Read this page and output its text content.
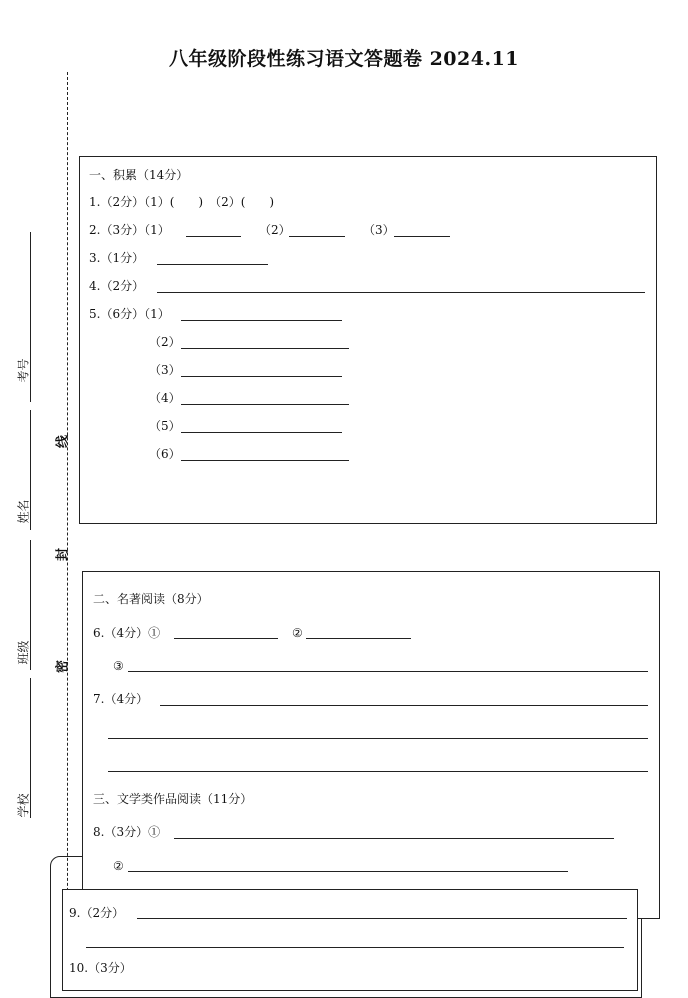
八年级阶段性练习语文答题卷 2024.11
考号
姓名
班级
学校
线
封
密
一、积累（14分）
1.（2分）（1）(　　)　（2）(　　)
2.（3分）（1）	（2）	（3）
3.（1分）
4.（2分）
5.（6分）（1）
（2）
（3）
（4）
（5）
（6）
二、名著阅读（8分）
6.（4分）①	②
③
7.（4分）
三、文学类作品阅读（11分）
8.（3分）①
②
9.（2分）
10.（3分）
